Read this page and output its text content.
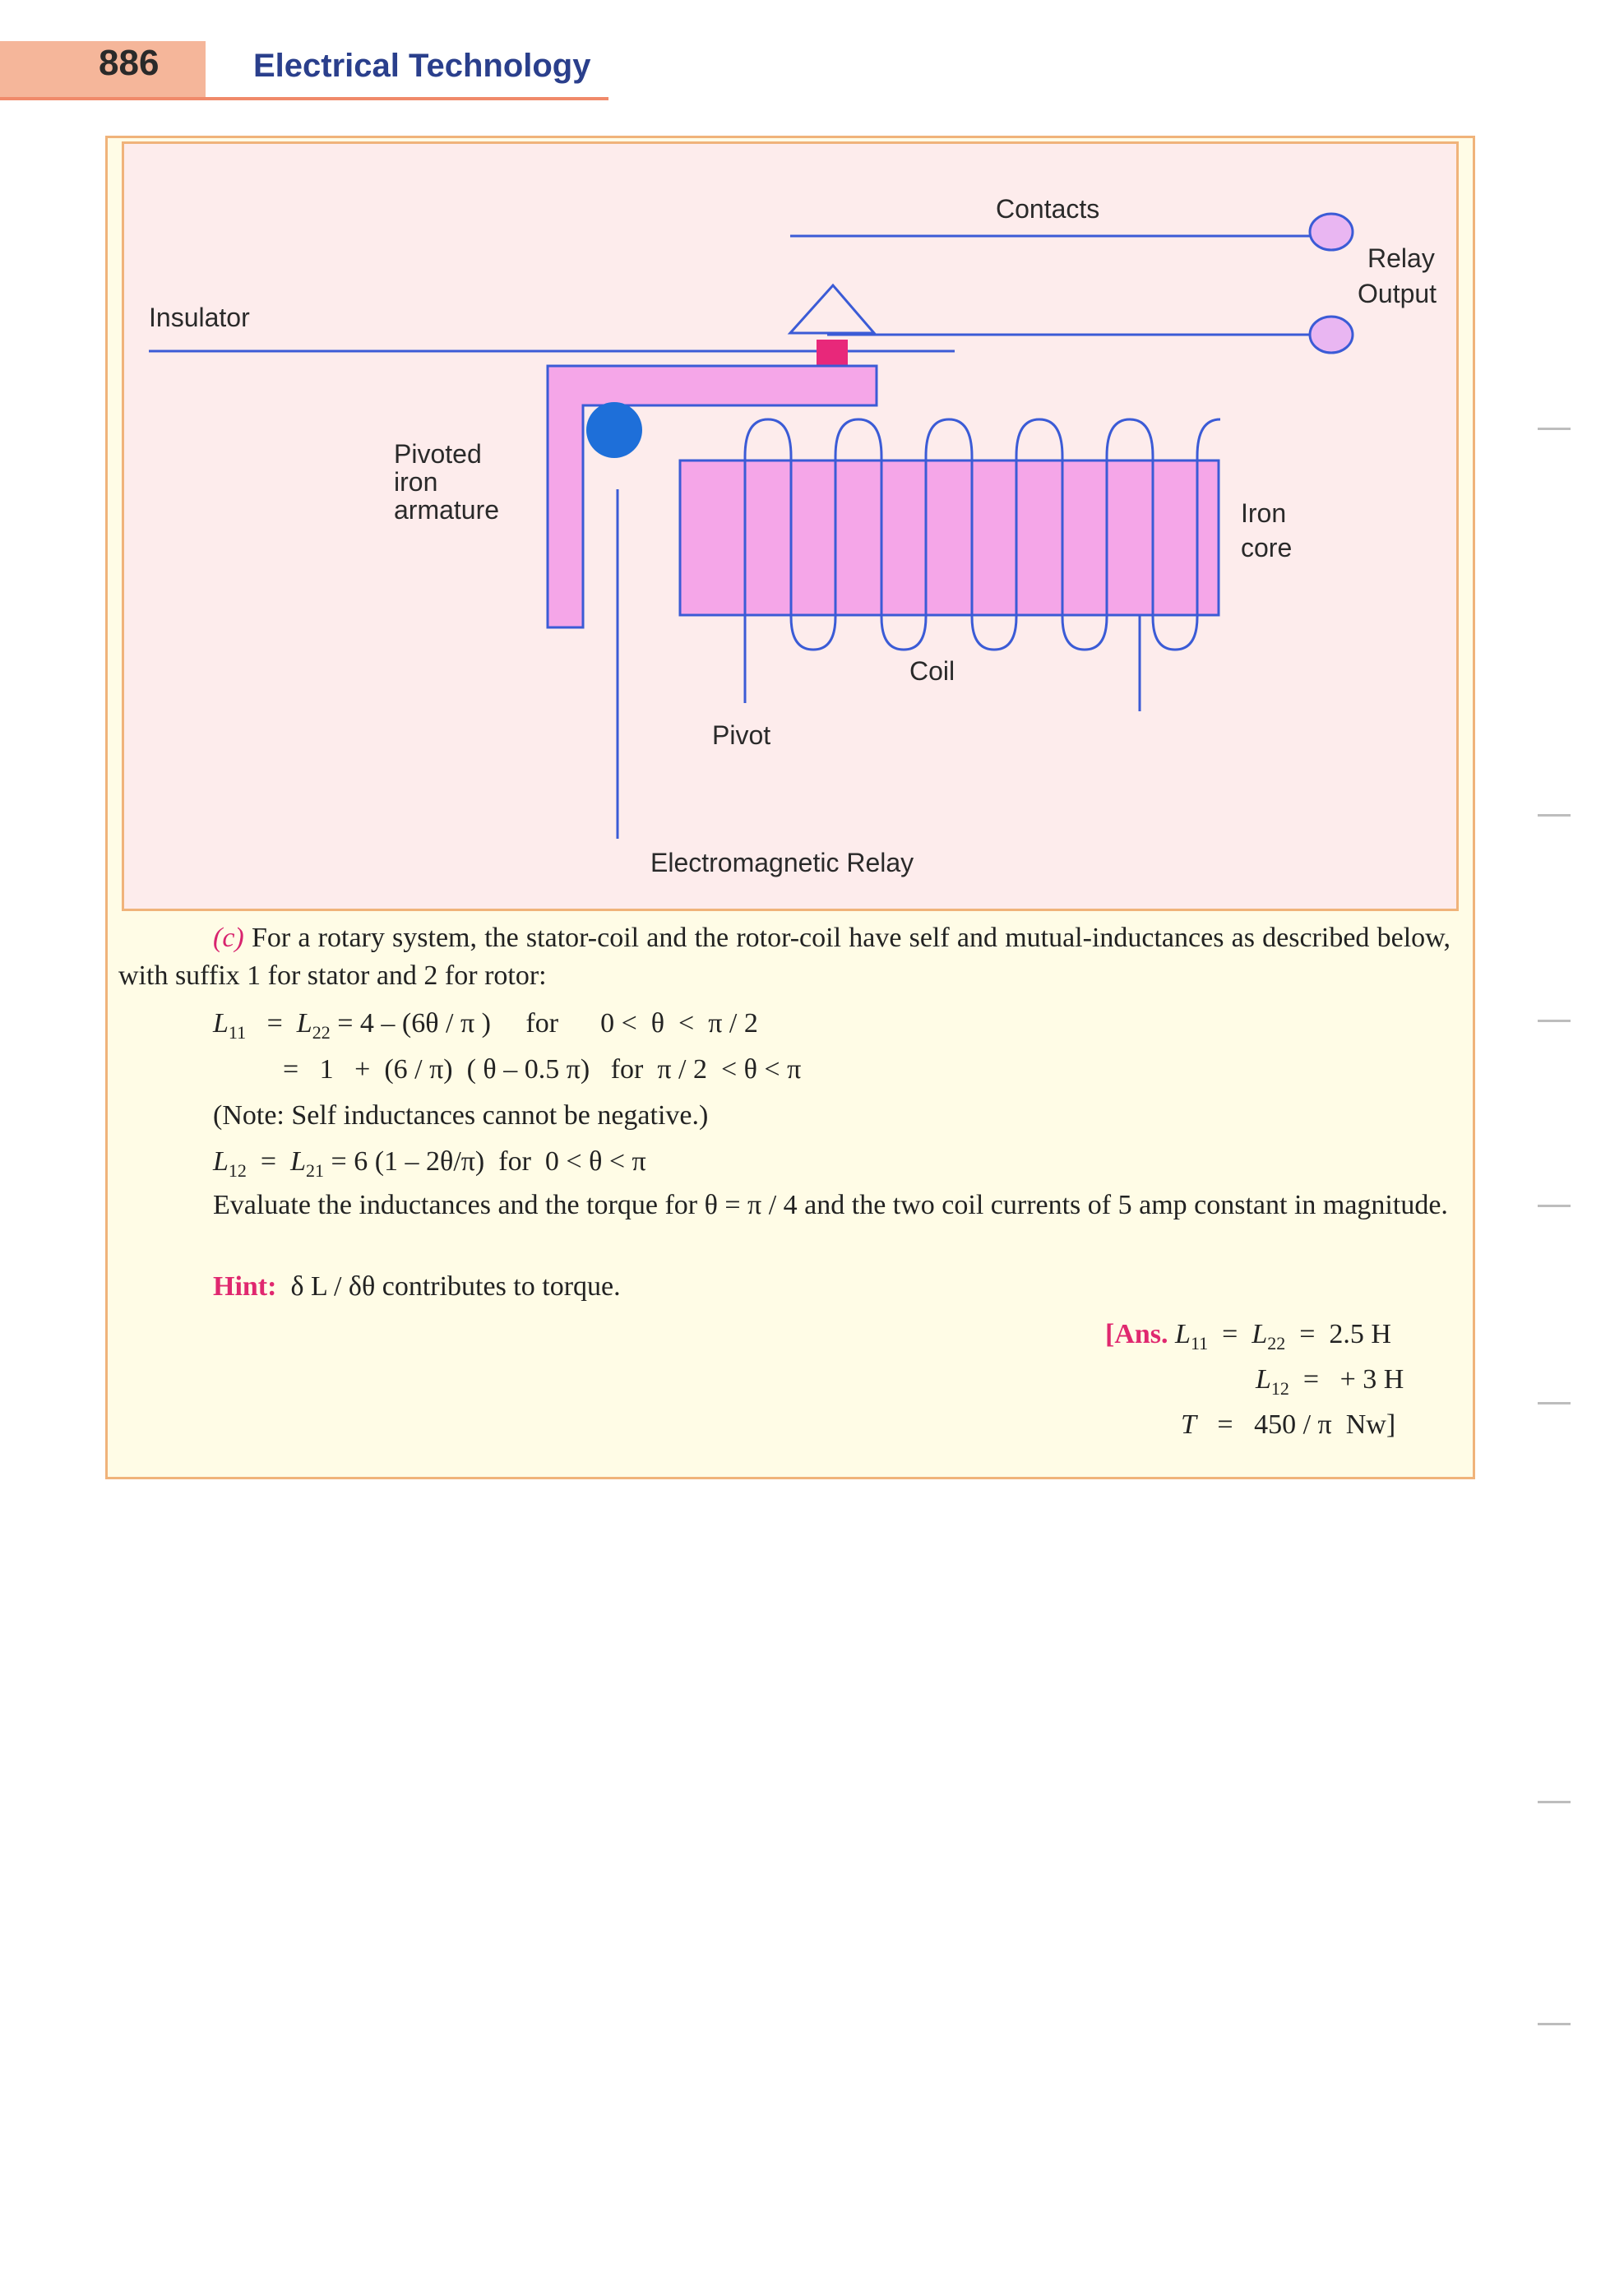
886	Electrical Technology
Contacts
Relay
Output
Insulator
Pivoted
iron
armature	Iron
core
Coil
Pivot
Electromagnetic Relay
(c) For a rotary system, the stator-coil and the rotor-coil have self and mutual-inductances as described below, with suffix 1 for stator and 2 for rotor:
$L_{11} = L_{22} = 4 - (6\theta / \pi$ )     for      0 <  θ  <  π / 2
=   1   +  (6 / π)  ( θ – 0.5 π)   for  π / 2  < θ < π
(Note: Self inductances cannot be negative.)
$L_{12} = L_{21} = 6$ (1 – 2θ/π)  for  0 < θ < π
Evaluate the inductances and the torque for θ = π / 4 and the two coil currents of 5 amp constant in magnitude.
Hint: δ L / δθ contributes to torque.
[Ans. $L_{11} = L_{22} = 2.5$ H
$L_{12}$ =   + 3 H
T =   450 / π  Nw]
